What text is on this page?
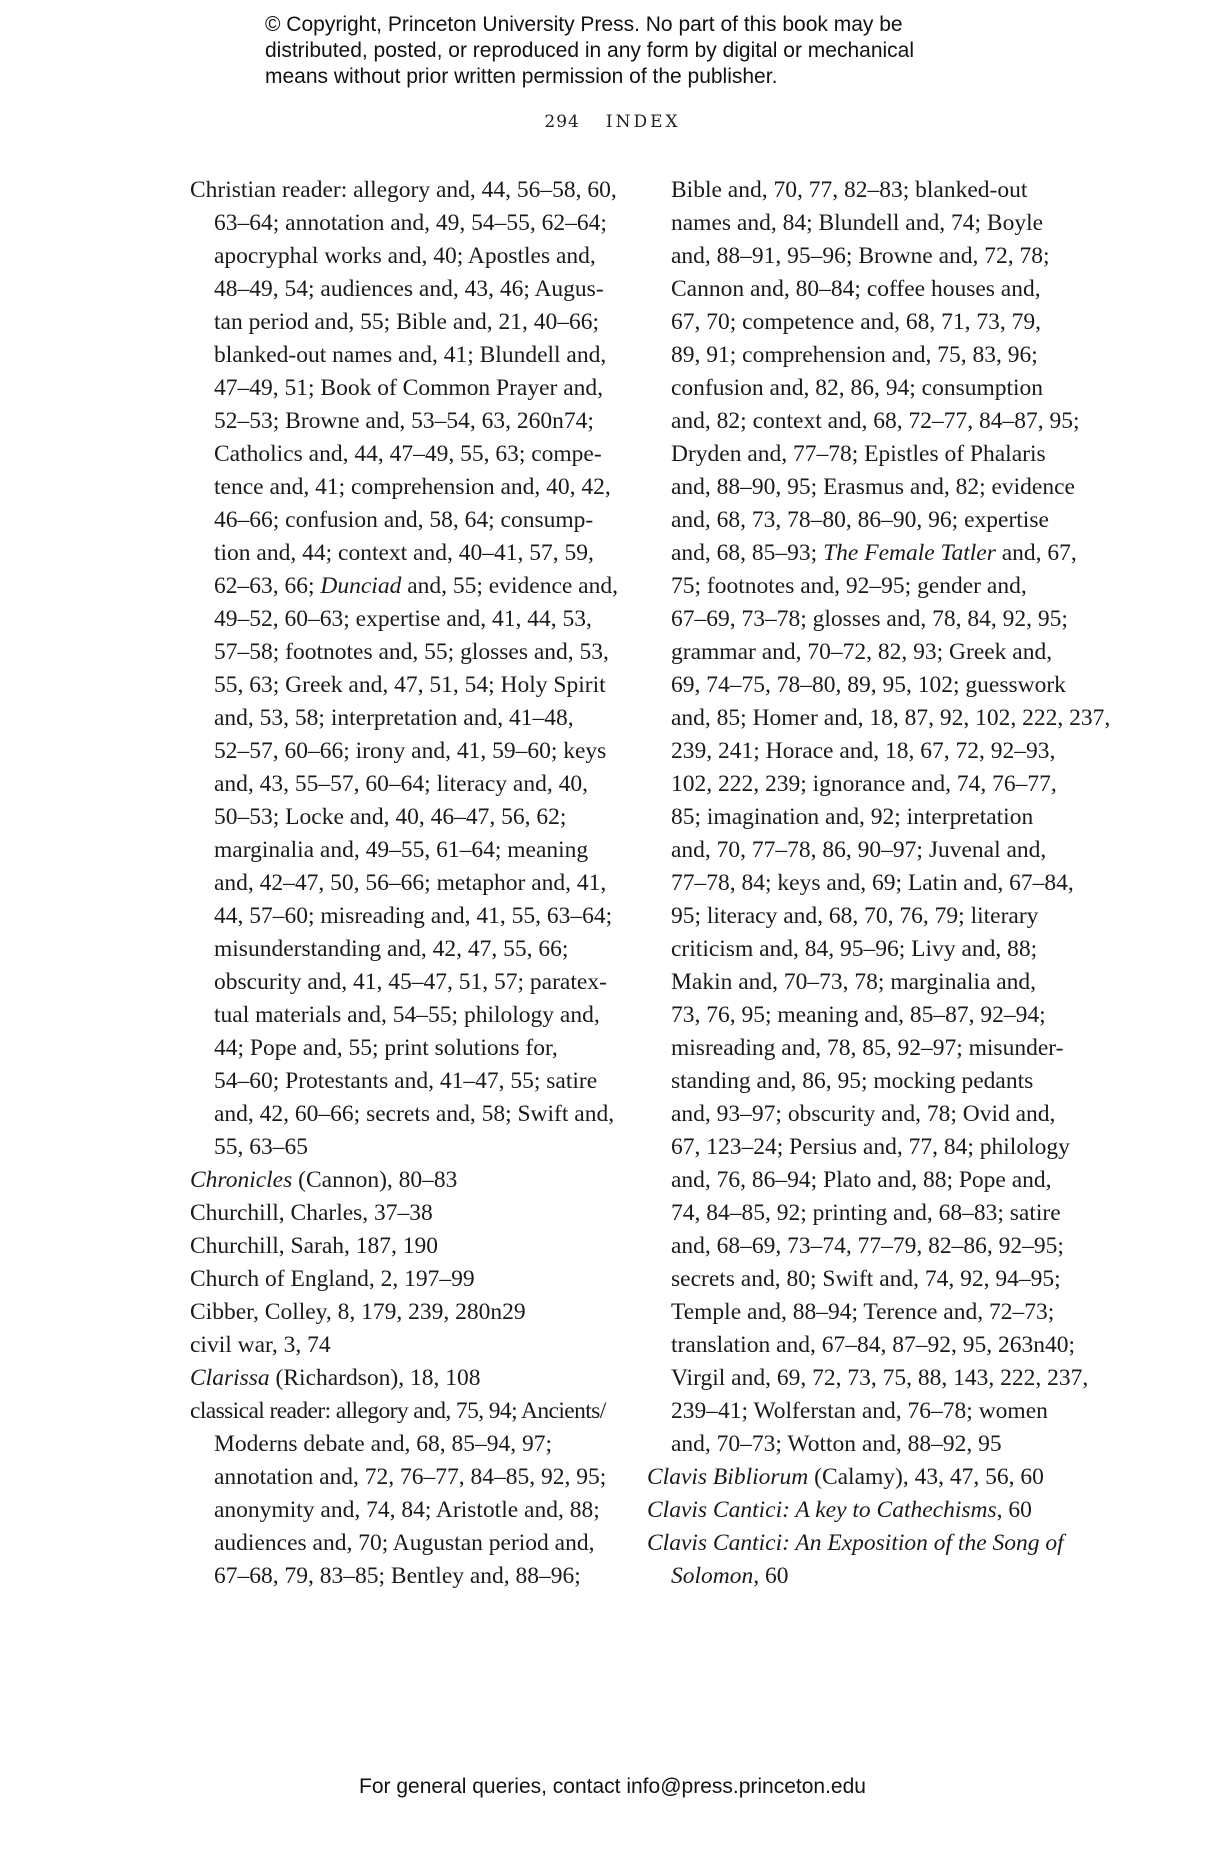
© Copyright, Princeton University Press. No part of this book may be
distributed, posted, or reproduced in any form by digital or mechanical
means without prior written permission of the publisher.
294 INDEX
Christian reader: allegory and, 44, 56–58, 60,
63–64; annotation and, 49, 54–55, 62–64;
apocryphal works and, 40; Apostles and,
48–49, 54; audiences and, 43, 46; Augus-
tan period and, 55; Bible and, 21, 40–66;
blanked-out names and, 41; Blundell and,
47–49, 51; Book of Common Prayer and,
52–53; Browne and, 53–54, 63, 260n74;
Catholics and, 44, 47–49, 55, 63; compe-
tence and, 41; comprehension and, 40, 42,
46–66; confusion and, 58, 64; consump-
tion and, 44; context and, 40–41, 57, 59,
62–63, 66; Dunciad and, 55; evidence and,
49–52, 60–63; expertise and, 41, 44, 53,
57–58; footnotes and, 55; glosses and, 53,
55, 63; Greek and, 47, 51, 54; Holy Spirit
and, 53, 58; interpretation and, 41–48,
52–57, 60–66; irony and, 41, 59–60; keys
and, 43, 55–57, 60–64; literacy and, 40,
50–53; Locke and, 40, 46–47, 56, 62;
marginalia and, 49–55, 61–64; meaning
and, 42–47, 50, 56–66; metaphor and, 41,
44, 57–60; misreading and, 41, 55, 63–64;
misunderstanding and, 42, 47, 55, 66;
obscurity and, 41, 45–47, 51, 57; paratex-
tual materials and, 54–55; philology and,
44; Pope and, 55; print solutions for,
54–60; Protestants and, 41–47, 55; satire
and, 42, 60–66; secrets and, 58; Swift and,
55, 63–65
Chronicles (Cannon), 80–83
Churchill, Charles, 37–38
Churchill, Sarah, 187, 190
Church of England, 2, 197–99
Cibber, Colley, 8, 179, 239, 280n29
civil war, 3, 74
Clarissa (Richardson), 18, 108
classical reader: allegory and, 75, 94; Ancients/
Moderns debate and, 68, 85–94, 97;
annotation and, 72, 76–77, 84–85, 92, 95;
anonymity and, 74, 84; Aristotle and, 88;
audiences and, 70; Augustan period and,
67–68, 79, 83–85; Bentley and, 88–96;
Bible and, 70, 77, 82–83; blanked-out
names and, 84; Blundell and, 74; Boyle
and, 88–91, 95–96; Browne and, 72, 78;
Cannon and, 80–84; coffee houses and,
67, 70; competence and, 68, 71, 73, 79,
89, 91; comprehension and, 75, 83, 96;
confusion and, 82, 86, 94; consumption
and, 82; context and, 68, 72–77, 84–87, 95;
Dryden and, 77–78; Epistles of Phalaris
and, 88–90, 95; Erasmus and, 82; evidence
and, 68, 73, 78–80, 86–90, 96; expertise
and, 68, 85–93; The Female Tatler and, 67,
75; footnotes and, 92–95; gender and,
67–69, 73–78; glosses and, 78, 84, 92, 95;
grammar and, 70–72, 82, 93; Greek and,
69, 74–75, 78–80, 89, 95, 102; guesswork
and, 85; Homer and, 18, 87, 92, 102, 222, 237,
239, 241; Horace and, 18, 67, 72, 92–93,
102, 222, 239; ignorance and, 74, 76–77,
85; imagination and, 92; interpretation
and, 70, 77–78, 86, 90–97; Juvenal and,
77–78, 84; keys and, 69; Latin and, 67–84,
95; literacy and, 68, 70, 76, 79; literary
criticism and, 84, 95–96; Livy and, 88;
Makin and, 70–73, 78; marginalia and,
73, 76, 95; meaning and, 85–87, 92–94;
misreading and, 78, 85, 92–97; misunder-
standing and, 86, 95; mocking pedants
and, 93–97; obscurity and, 78; Ovid and,
67, 123–24; Persius and, 77, 84; philology
and, 76, 86–94; Plato and, 88; Pope and,
74, 84–85, 92; printing and, 68–83; satire
and, 68–69, 73–74, 77–79, 82–86, 92–95;
secrets and, 80; Swift and, 74, 92, 94–95;
Temple and, 88–94; Terence and, 72–73;
translation and, 67–84, 87–92, 95, 263n40;
Virgil and, 69, 72, 73, 75, 88, 143, 222, 237,
239–41; Wolferstan and, 76–78; women
and, 70–73; Wotton and, 88–92, 95
Clavis Bibliorum (Calamy), 43, 47, 56, 60
Clavis Cantici: A key to Cathechisms, 60
Clavis Cantici: An Exposition of the Song of
Solomon, 60
For general queries, contact info@press.princeton.edu
